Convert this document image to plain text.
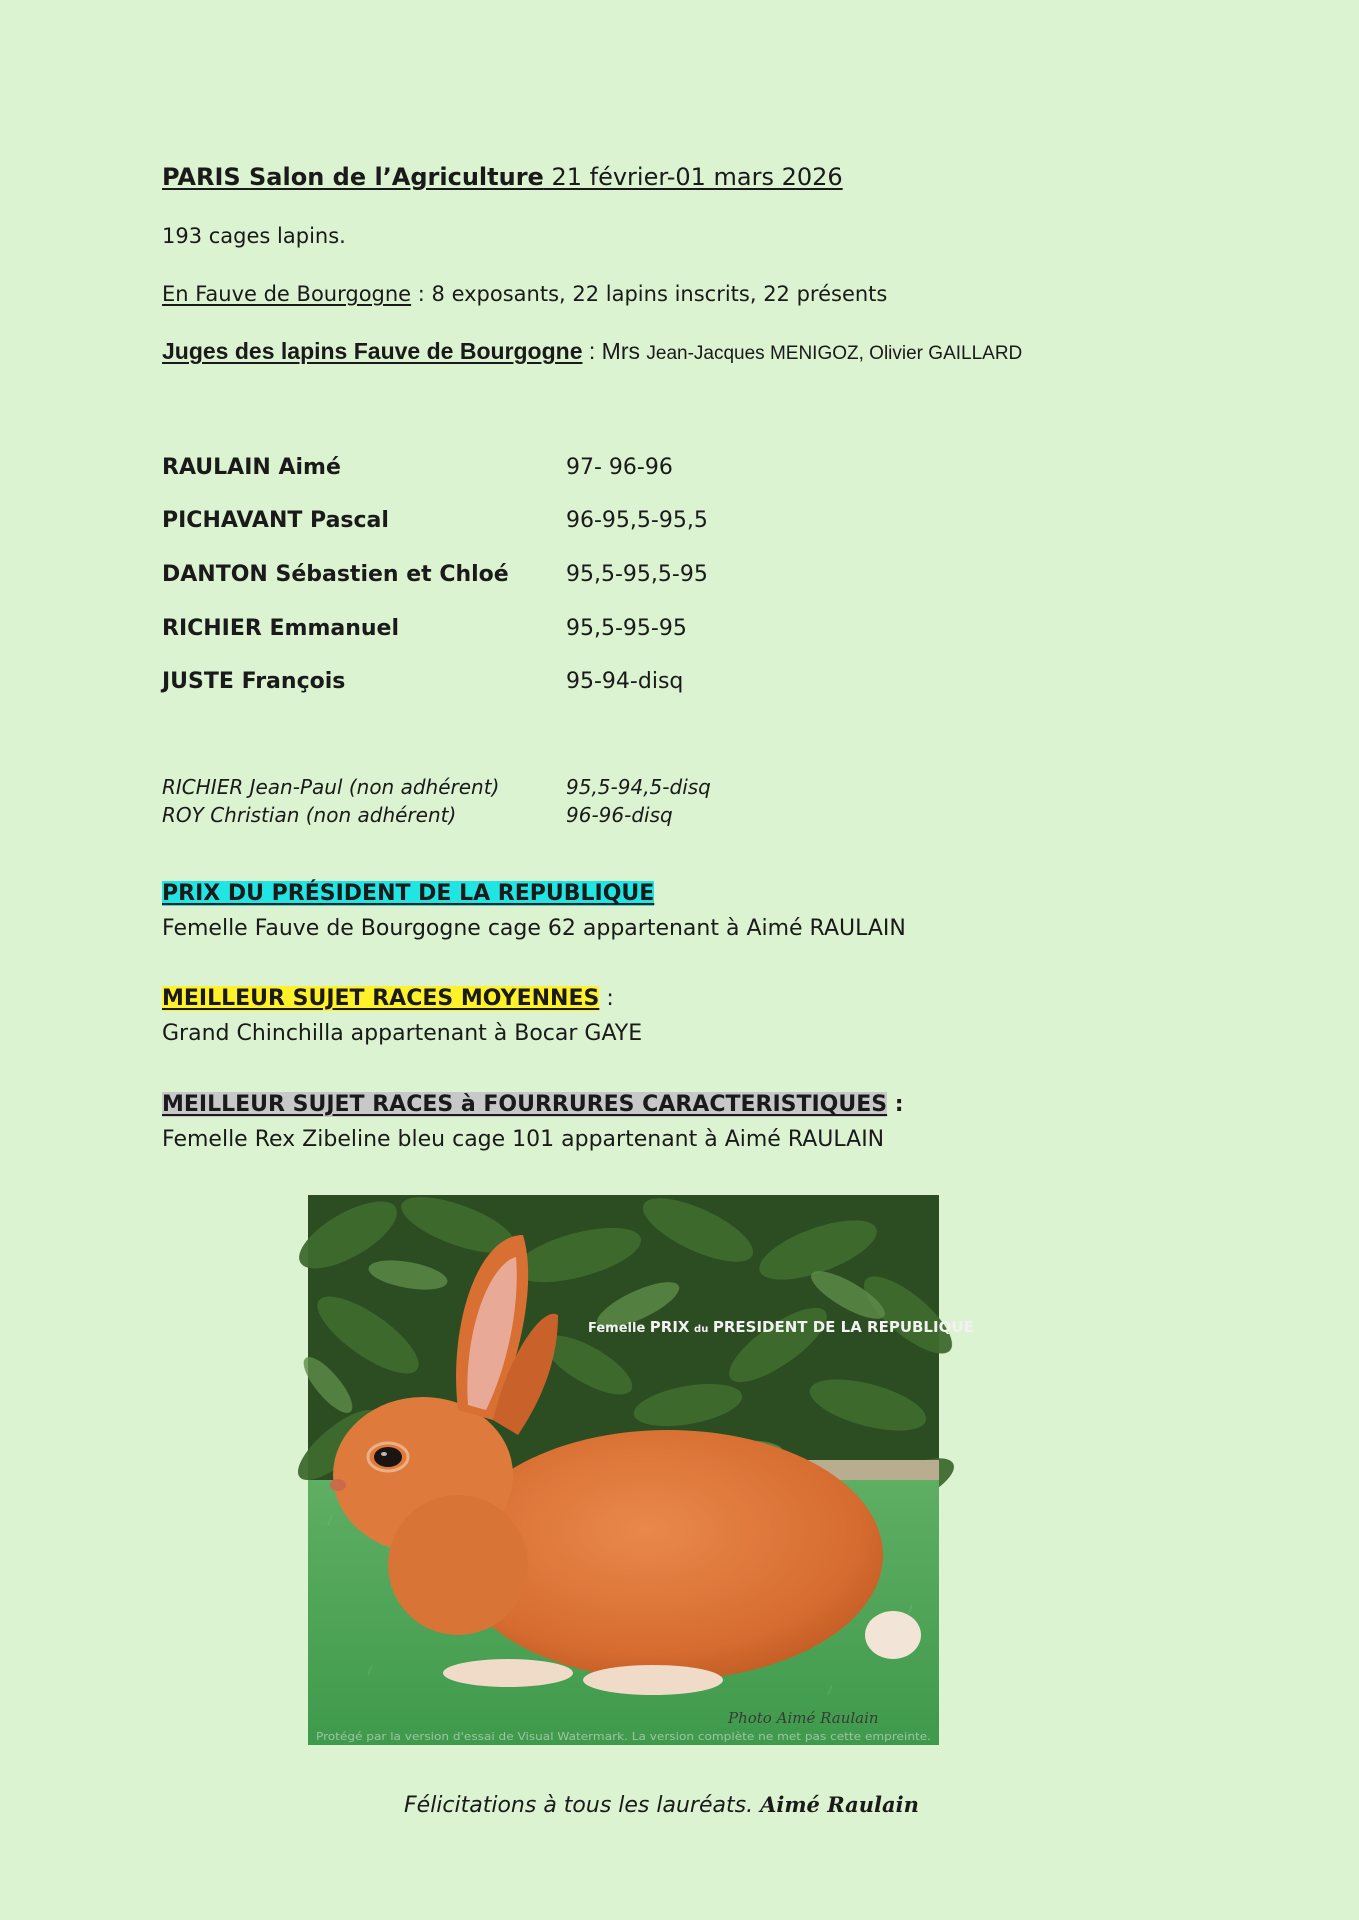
PARIS Salon de l’Agriculture 21 février-01 mars 2026
193 cages lapins.
En Fauve de Bourgogne : 8 exposants, 22 lapins inscrits, 22 présents
Juges des lapins Fauve de Bourgogne : Mrs Jean-Jacques MENIGOZ, Olivier GAILLARD
RAULAIN Aimé	97- 96-96
PICHAVANT Pascal	96-95,5-95,5
DANTON Sébastien et Chloé	95,5-95,5-95
RICHIER Emmanuel	95,5-95-95
JUSTE François	95-94-disq
RICHIER Jean-Paul (non adhérent)	95,5-94,5-disq
ROY Christian (non adhérent)	96-96-disq
PRIX DU PRÉSIDENT DE LA REPUBLIQUE
Femelle Fauve de Bourgogne cage 62 appartenant à Aimé RAULAIN
MEILLEUR SUJET RACES MOYENNES :
Grand Chinchilla appartenant à Bocar GAYE
MEILLEUR SUJET RACES à FOURRURES CARACTERISTIQUES :
Femelle Rex Zibeline bleu cage 101 appartenant à Aimé RAULAIN
Femelle PRIX du PRESIDENT DE LA REPUBLIQUE
Photo Aimé Raulain
Protégé par la version d'essai de Visual Watermark. La version complète ne met pas cette empreinte.
Félicitations à tous les lauréats. Aimé Raulain
